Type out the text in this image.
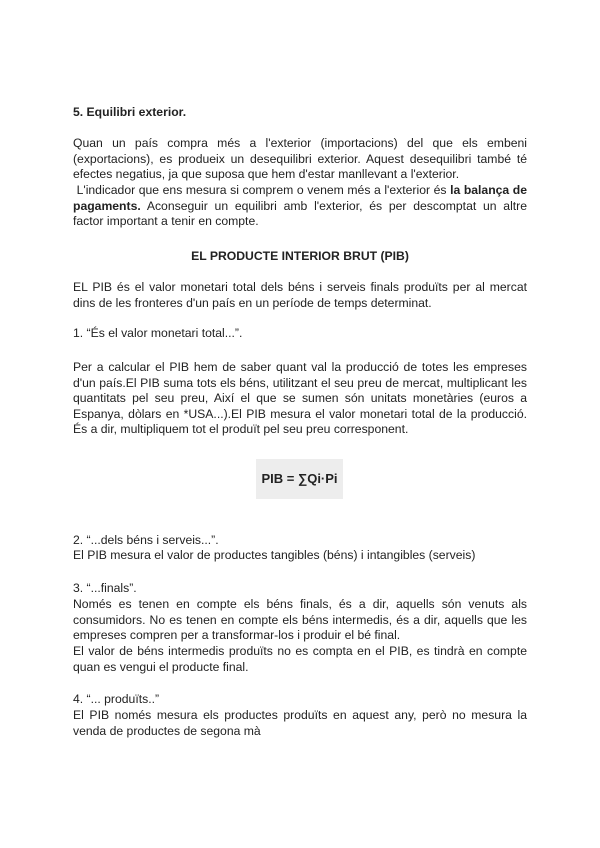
5. Equilibri exterior.

Quan un país compra més a l'exterior (importacions) del que els embeni (exportacions), es produeix un desequilibri exterior. Aquest desequilibri també té efectes negatius, ja que suposa que hem d'estar manllevant a l'exterior.

L'indicador que ens mesura si comprem o venem més a l'exterior és la balança de pagaments. Aconseguir un equilibri amb l'exterior, és per descomptat un altre factor important a tenir en compte.

EL PRODUCTE INTERIOR BRUT (PIB)

EL PIB és el valor monetari total dels béns i serveis finals produïts per al mercat dins de les fronteres d'un país en un període de temps determinat.

1. “És el valor monetari total...”.

Per a calcular el PIB hem de saber quant val la producció de totes les empreses d'un país.El PIB suma tots els béns, utilitzant el seu preu de mercat, multiplicant les quantitats pel seu preu, Així el que se sumen són unitats monetàries (euros a Espanya, dòlars en *USA...).El PIB mesura el valor monetari total de la producció. És a dir, multipliquem tot el produït pel seu preu corresponent.

PIB = ∑Qi·Pi

2. “...dels béns i serveis...”.

El PIB mesura el valor de productes tangibles (béns) i intangibles (serveis)

3. “...finals”.

Només es tenen en compte els béns finals, és a dir, aquells són venuts als consumidors. No es tenen en compte els béns intermedis, és a dir, aquells que les empreses compren per a transformar-los i produir el bé final.

El valor de béns intermedis produïts no es compta en el PIB, es tindrà en compte quan es vengui el producte final.

4. “... produïts..”

El PIB només mesura els productes produïts en aquest any, però no mesura la venda de productes de segona mà
